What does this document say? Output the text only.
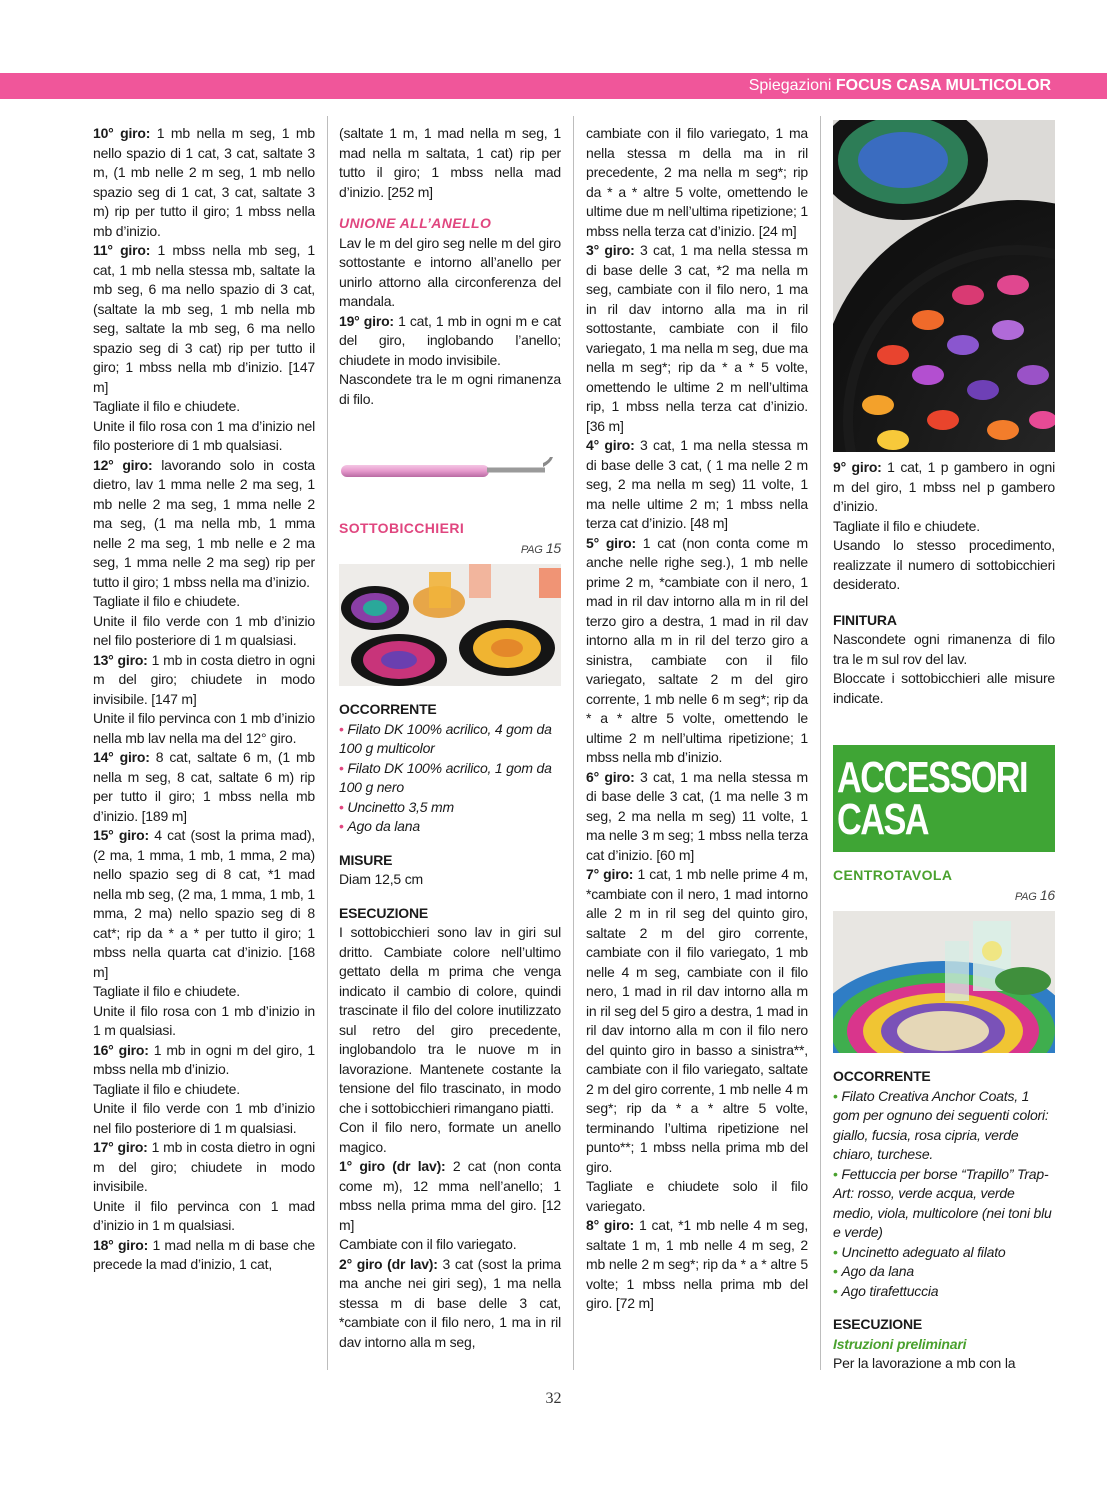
Spiegazioni FOCUS CASA MULTICOLOR

10° giro: 1 mb nella m seg, 1 mb nello spazio di 1 cat, 3 cat, saltate 3 m, (1 mb nelle 2 m seg, 1 mb nello spazio seg di 1 cat, 3 cat, saltate 3 m) rip per tutto il giro; 1 mbss nella mb d’inizio.

11° giro: 1 mbss nella mb seg, 1 cat, 1 mb nella stessa mb, saltate la mb seg, 6 ma nello spazio di 3 cat, (saltate la mb seg, 1 mb nella mb seg, saltate la mb seg, 6 ma nello spazio seg di 3 cat) rip per tutto il giro; 1 mbss nella mb d’inizio. [147 m]

Tagliate il filo e chiudete.

Unite il filo rosa con 1 ma d’inizio nel filo posteriore di 1 mb qualsiasi.

12° giro: lavorando solo in costa dietro, lav 1 mma nelle 2 ma seg, 1 mb nelle 2 ma seg, 1 mma nelle 2 ma seg, (1 ma nella mb, 1 mma nelle 2 ma seg, 1 mb nelle e 2 ma seg, 1 mma nelle 2 ma seg) rip per tutto il giro; 1 mbss nella ma d’inizio.

Tagliate il filo e chiudete.

Unite il filo verde con 1 mb d’inizio nel filo posteriore di 1 m qualsiasi.

13° giro: 1 mb in costa dietro in ogni m del giro; chiudete in modo invisibile. [147 m]

Unite il filo pervinca con 1 mb d’inizio nella mb lav nella ma del 12° giro.

14° giro: 8 cat, saltate 6 m, (1 mb nella m seg, 8 cat, saltate 6 m) rip per tutto il giro; 1 mbss nella mb d’inizio. [189 m]

15° giro: 4 cat (sost la prima mad), (2 ma, 1 mma, 1 mb, 1 mma, 2 ma) nello spazio seg di 8 cat, *1 mad nella mb seg, (2 ma, 1 mma, 1 mb, 1 mma, 2 ma) nello spazio seg di 8 cat*; rip da * a * per tutto il giro; 1 mbss nella quarta cat d’inizio. [168 m]

Tagliate il filo e chiudete.

Unite il filo rosa con 1 mb d’inizio in 1 m qualsiasi.

16° giro: 1 mb in ogni m del giro, 1 mbss nella mb d’inizio.

Tagliate il filo e chiudete.

Unite il filo verde con 1 mb d’inizio nel filo posteriore di 1 m qualsiasi.

17° giro: 1 mb in costa dietro in ogni m del giro; chiudete in modo invisibile.

Unite il filo pervinca con 1 mad d’inizio in 1 m qualsiasi.

18° giro: 1 mad nella m di base che precede la mad d’inizio, 1 cat,

(saltate 1 m, 1 mad nella m seg, 1 mad nella m saltata, 1 cat) rip per tutto il giro; 1 mbss nella mad d’inizio. [252 m]

UNIONE ALL’ANELLO

Lav le m del giro seg nelle m del giro sottostante e intorno all’anello per unirlo attorno alla circonferenza del mandala.

19° giro: 1 cat, 1 mb in ogni m e cat del giro, inglobando l’anello; chiudete in modo invisibile.

Nascondete tra le m ogni rimanenza di filo.

SOTTOBICCHIERI

PAG 15

OCCORRENTE

• Filato DK 100% acrilico, 4 gom da 100 g multicolor

• Filato DK 100% acrilico, 1 gom da 100 g nero

• Uncinetto 3,5 mm

• Ago da lana

MISURE

Diam 12,5 cm

ESECUZIONE

I sottobicchieri sono lav in giri sul dritto. Cambiate colore nell’ultimo gettato della m prima che venga indicato il cambio di colore, quindi trascinate il filo del colore inutilizzato sul retro del giro precedente, inglobandolo tra le nuove m in lavorazione. Mantenete costante la tensione del filo trascinato, in modo che i sottobicchieri rimangano piatti.

Con il filo nero, formate un anello magico.

1° giro (dr lav): 2 cat (non conta come m), 12 mma nell’anello; 1 mbss nella prima mma del giro. [12 m]

Cambiate con il filo variegato.

2° giro (dr lav): 3 cat (sost la prima ma anche nei giri seg), 1 ma nella stessa m di base delle 3 cat, *cambiate con il filo nero, 1 ma in ril dav intorno alla m seg,

cambiate con il filo variegato, 1 ma nella stessa m della ma in ril precedente, 2 ma nella m seg*; rip da * a * altre 5 volte, omettendo le ultime due m nell’ultima ripetizione; 1 mbss nella terza cat d’inizio. [24 m]

3° giro: 3 cat, 1 ma nella stessa m di base delle 3 cat, *2 ma nella m seg, cambiate con il filo nero, 1 ma in ril dav intorno alla ma in ril sottostante, cambiate con il filo variegato, 1 ma nella m seg, due ma nella m seg*; rip da * a * 5 volte, omettendo le ultime 2 m nell’ultima rip, 1 mbss nella terza cat d’inizio. [36 m]

4° giro: 3 cat, 1 ma nella stessa m di base delle 3 cat, ( 1 ma nelle 2 m seg, 2 ma nella m seg) 11 volte, 1 ma nelle ultime 2 m; 1 mbss nella terza cat d’inizio. [48 m]

5° giro: 1 cat (non conta come m anche nelle righe seg.), 1 mb nelle prime 2 m, *cambiate con il nero, 1 mad in ril dav intorno alla m in ril del terzo giro a destra, 1 mad in ril dav intorno alla m in ril del terzo giro a sinistra, cambiate con il filo variegato, saltate 2 m del giro corrente, 1 mb nelle 6 m seg*; rip da * a * altre 5 volte, omettendo le ultime 2 m nell’ultima ripetizione; 1 mbss nella mb d’inizio.

6° giro: 3 cat, 1 ma nella stessa m di base delle 3 cat, (1 ma nelle 3 m seg, 2 ma nella m seg) 11 volte, 1 ma nelle 3 m seg; 1 mbss nella terza cat d’inizio. [60 m]

7° giro: 1 cat, 1 mb nelle prime 4 m, *cambiate con il nero, 1 mad intorno alle 2 m in ril seg del quinto giro, saltate 2 m del giro corrente, cambiate con il filo variegato, 1 mb nelle 4 m seg, cambiate con il filo nero, 1 mad in ril dav intorno alla m in ril seg del 5 giro a destra, 1 mad in ril dav intorno alla m con il filo nero del quinto giro in basso a sinistra**, cambiate con il filo variegato, saltate 2 m del giro corrente, 1 mb nelle 4 m seg*; rip da * a * altre 5 volte, terminando l’ultima ripetizione nel punto**; 1 mbss nella prima mb del giro.

Tagliate e chiudete solo il filo variegato.

8° giro: 1 cat, *1 mb nelle 4 m seg, saltate 1 m, 1 mb nelle 4 m seg, 2 mb nelle 2 m seg*; rip da * a * altre 5 volte; 1 mbss nella prima mb del giro. [72 m]

9° giro: 1 cat, 1 p gambero in ogni m del giro, 1 mbss nel p gambero d’inizio.

Tagliate il filo e chiudete.

Usando lo stesso procedimento, realizzate il numero di sottobicchieri desiderato.

FINITURA

Nascondete ogni rimanenza di filo tra le m sul rov del lav.

Bloccate i sottobicchieri alle misure indicate.

ACCESSORI
CASA

CENTROTAVOLA

PAG 16

OCCORRENTE

• Filato Creativa Anchor Coats, 1 gom per ognuno dei seguenti colori: giallo, fucsia, rosa cipria, verde chiaro, turchese.

• Fettuccia per borse “Trapillo” Trap-Art: rosso, verde acqua, verde medio, viola, multicolore (nei toni blu e verde)

• Uncinetto adeguato al filato

• Ago da lana

• Ago tirafettuccia

ESECUZIONE

Istruzioni preliminari

Per la lavorazione a mb con la

32
